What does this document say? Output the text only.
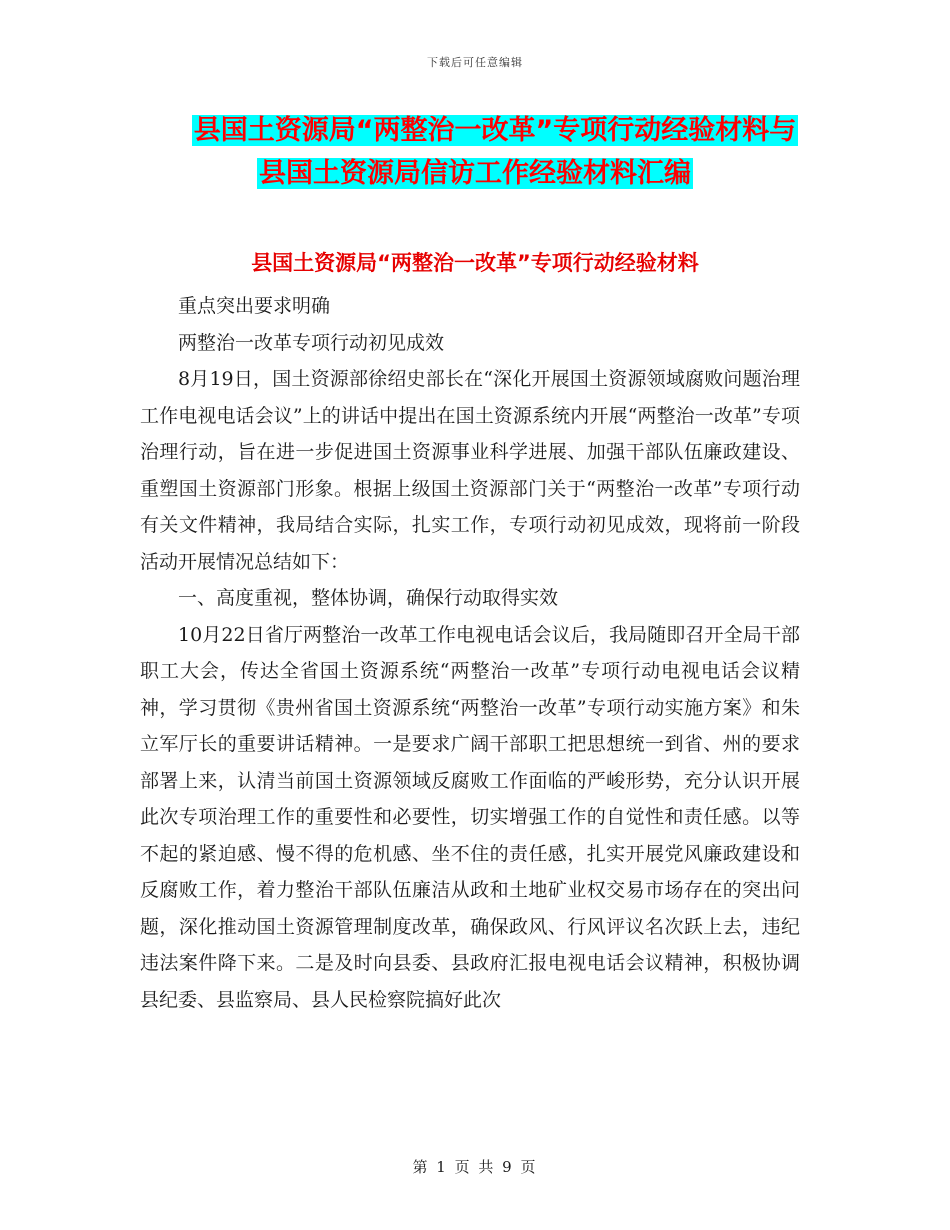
下载后可任意编辑
县国土资源局“两整治一改革”专项行动经验材料与
县国土资源局信访工作经验材料汇编
县国土资源局“两整治一改革”专项行动经验材料

重点突出要求明确

两整治一改革专项行动初见成效

8月19日，国土资源部徐绍史部长在“深化开展国土资源领域腐败问题治理工作电视电话会议”上的讲话中提出在国土资源系统内开展“两整治一改革”专项治理行动，旨在进一步促进国土资源事业科学进展、加强干部队伍廉政建设、重塑国土资源部门形象。根据上级国土资源部门关于“两整治一改革”专项行动有关文件精神，我局结合实际，扎实工作，专项行动初见成效，现将前一阶段活动开展情况总结如下：

一、高度重视，整体协调，确保行动取得实效

10月22日省厅两整治一改革工作电视电话会议后，我局随即召开全局干部职工大会，传达全省国土资源系统“两整治一改革”专项行动电视电话会议精神，学习贯彻《贵州省国土资源系统“两整治一改革”专项行动实施方案》和朱立军厅长的重要讲话精神。一是要求广阔干部职工把思想统一到省、州的要求部署上来，认清当前国土资源领域反腐败工作面临的严峻形势，充分认识开展此次专项治理工作的重要性和必要性，切实增强工作的自觉性和责任感。以等不起的紧迫感、慢不得的危机感、坐不住的责任感，扎实开展党风廉政建设和反腐败工作，着力整治干部队伍廉洁从政和土地矿业权交易市场存在的突出问题，深化推动国土资源管理制度改革，确保政风、行风评议名次跃上去，违纪违法案件降下来。二是及时向县委、县政府汇报电视电话会议精神，积极协调县纪委、县监察局、县人民检察院搞好此次

第 1 页 共 9 页
